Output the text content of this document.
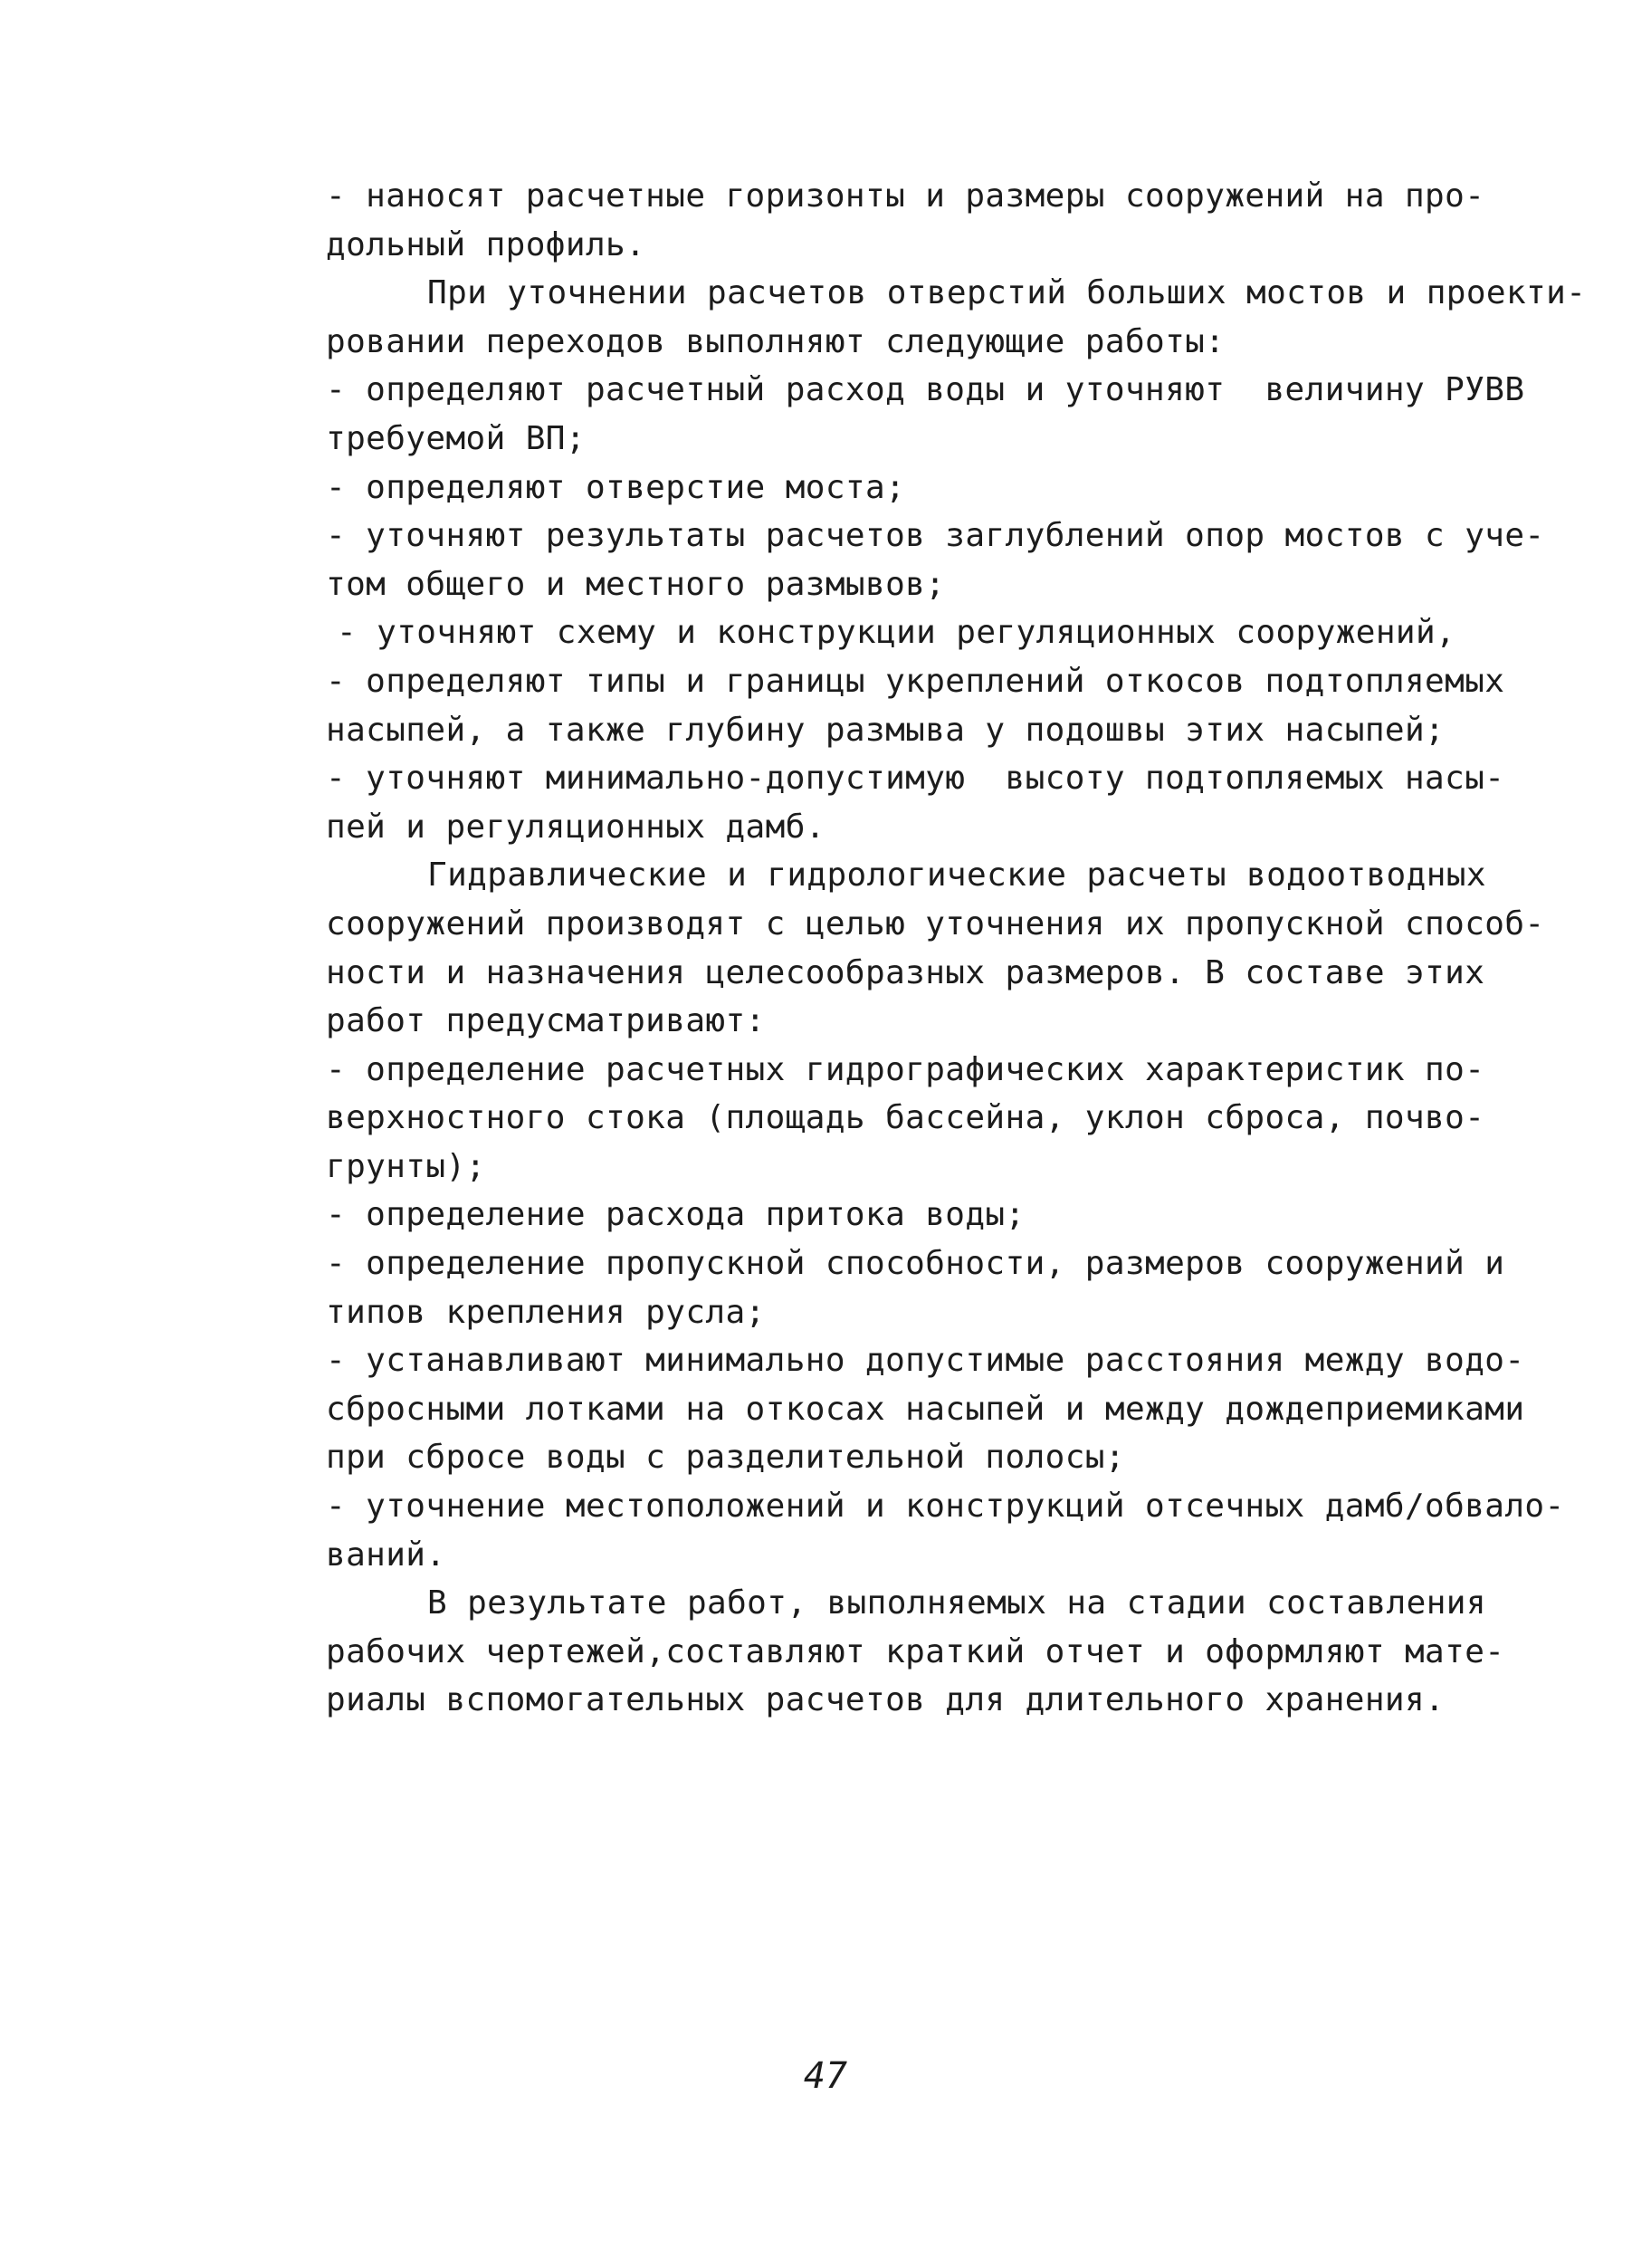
- наносят расчетные горизонты и размеры сооружений на про-
дольный профиль.
При уточнении расчетов отверстий больших мостов и проекти-
ровании переходов выполняют следующие работы:
- определяют расчетный расход воды и уточняют  величину РУВВ
требуемой ВП;
- определяют отверстие моста;
- уточняют результаты расчетов заглублений опор мостов с уче-
том общего и местного размывов;
- уточняют схему и конструкции регуляционных сооружений,
- определяют типы и границы укреплений откосов подтопляемых
насыпей, а также глубину размыва у подошвы этих насыпей;
- уточняют минимально-допустимую  высоту подтопляемых насы-
пей и регуляционных дамб.
Гидравлические и гидрологические расчеты водоотводных
сооружений производят с целью уточнения их пропускной способ-
ности и назначения целесообразных размеров. В составе этих
работ предусматривают:
- определение расчетных гидрографических характеристик по-
верхностного стока (площадь бассейна, уклон сброса, почво-
грунты);
- определение расхода притока воды;
- определение пропускной способности, размеров сооружений и
типов крепления русла;
- устанавливают минимально допустимые расстояния между водо-
сбросными лотками на откосах насыпей и между дождеприемиками
при сбросе воды с разделительной полосы;
- уточнение местоположений и конструкций отсечных дамб/обвало-
ваний.
В результате работ, выполняемых на стадии составления
рабочих чертежей,составляют краткий отчет и оформляют мате-
риалы вспомогательных расчетов для длительного хранения.
47
